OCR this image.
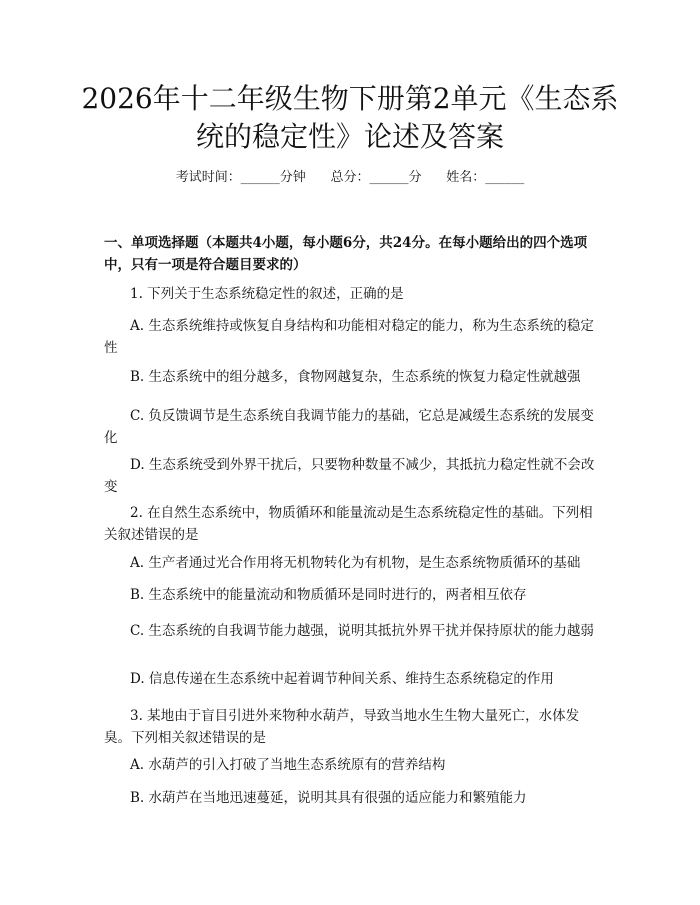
2026年十二年级生物下册第2单元《生态系统的稳定性》论述及答案
考试时间：______分钟      总分：______分      姓名：______

一、单项选择题（本题共4小题，每小题6分，共24分。在每小题给出的四个选项中，只有一项是符合题目要求的）

1. 下列关于生态系统稳定性的叙述，正确的是

A. 生态系统维持或恢复自身结构和功能相对稳定的能力，称为生态系统的稳定性

B. 生态系统中的组分越多，食物网越复杂，生态系统的恢复力稳定性就越强

C. 负反馈调节是生态系统自我调节能力的基础，它总是减缓生态系统的发展变化

D. 生态系统受到外界干扰后，只要物种数量不减少，其抵抗力稳定性就不会改变

2. 在自然生态系统中，物质循环和能量流动是生态系统稳定性的基础。下列相关叙述错误的是

A. 生产者通过光合作用将无机物转化为有机物，是生态系统物质循环的基础

B. 生态系统中的能量流动和物质循环是同时进行的，两者相互依存

C. 生态系统的自我调节能力越强，说明其抵抗外界干扰并保持原状的能力越弱

D. 信息传递在生态系统中起着调节种间关系、维持生态系统稳定的作用

3. 某地由于盲目引进外来物种水葫芦，导致当地水生生物大量死亡，水体发臭。下列相关叙述错误的是

A. 水葫芦的引入打破了当地生态系统原有的营养结构

B. 水葫芦在当地迅速蔓延，说明其具有很强的适应能力和繁殖能力
